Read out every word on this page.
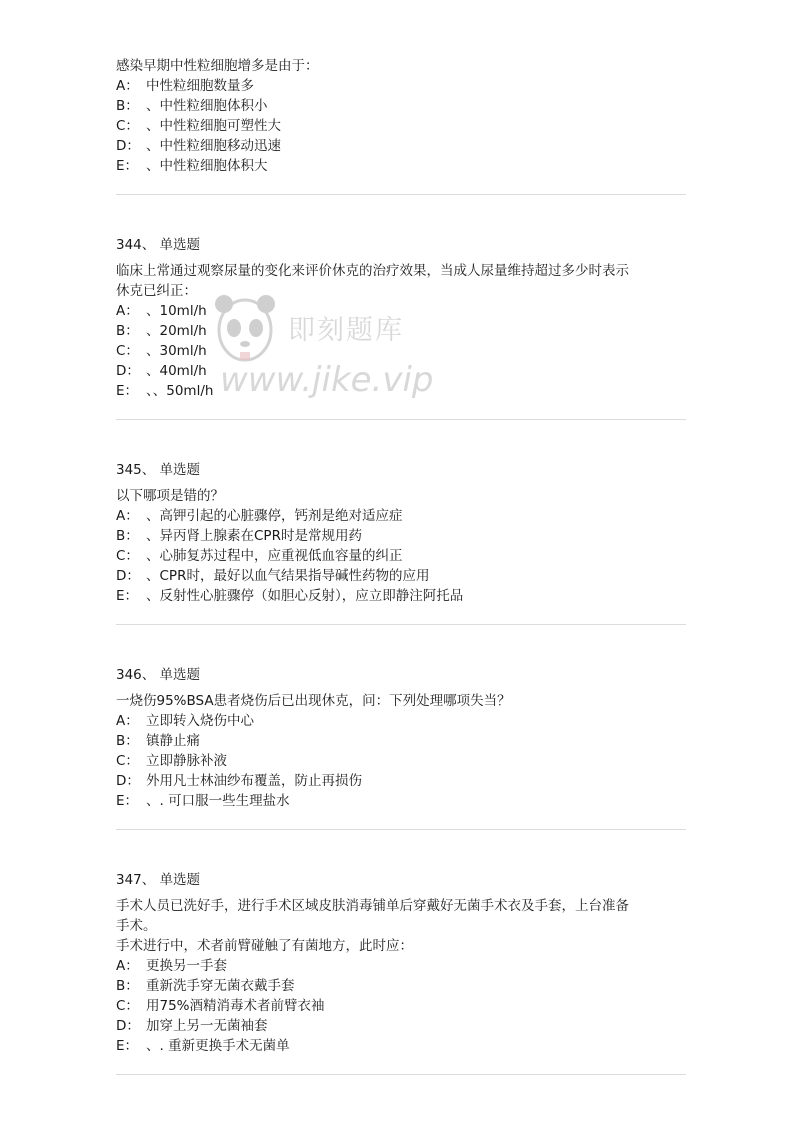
感染早期中性粒细胞增多是由于：
A： 中性粒细胞数量多
B： 、中性粒细胞体积小
C： 、中性粒细胞可塑性大
D： 、中性粒细胞移动迅速
E： 、中性粒细胞体积大
344、 单选题
临床上常通过观察尿量的变化来评价休克的治疗效果，当成人尿量维持超过多少时表示
休克已纠正：
A： 、10ml/h
B： 、20ml/h
C： 、30ml/h
D： 、40ml/h
E： 、、50ml/h
345、 单选题
以下哪项是错的？
A： 、高钾引起的心脏骤停，钙剂是绝对适应症
B： 、异丙肾上腺素在CPR时是常规用药
C： 、心肺复苏过程中，应重视低血容量的纠正
D： 、CPR时，最好以血气结果指导碱性药物的应用
E： 、反射性心脏骤停（如胆心反射），应立即静注阿托品
346、 单选题
一烧伤95%BSA患者烧伤后已出现休克，问：下列处理哪项失当？
A： 立即转入烧伤中心
B： 镇静止痛
C： 立即静脉补液
D： 外用凡士林油纱布覆盖，防止再损伤
E： 、. 可口服一些生理盐水
347、 单选题
手术人员已洗好手，进行手术区域皮肤消毒铺单后穿戴好无菌手术衣及手套，上台准备
手术。
手术进行中，术者前臂碰触了有菌地方，此时应：
A： 更换另一手套
B： 重新洗手穿无菌衣戴手套
C： 用75%酒精消毒术者前臂衣袖
D： 加穿上另一无菌袖套
E： 、. 重新更换手术无菌单
即刻题库
www.jike.vip
